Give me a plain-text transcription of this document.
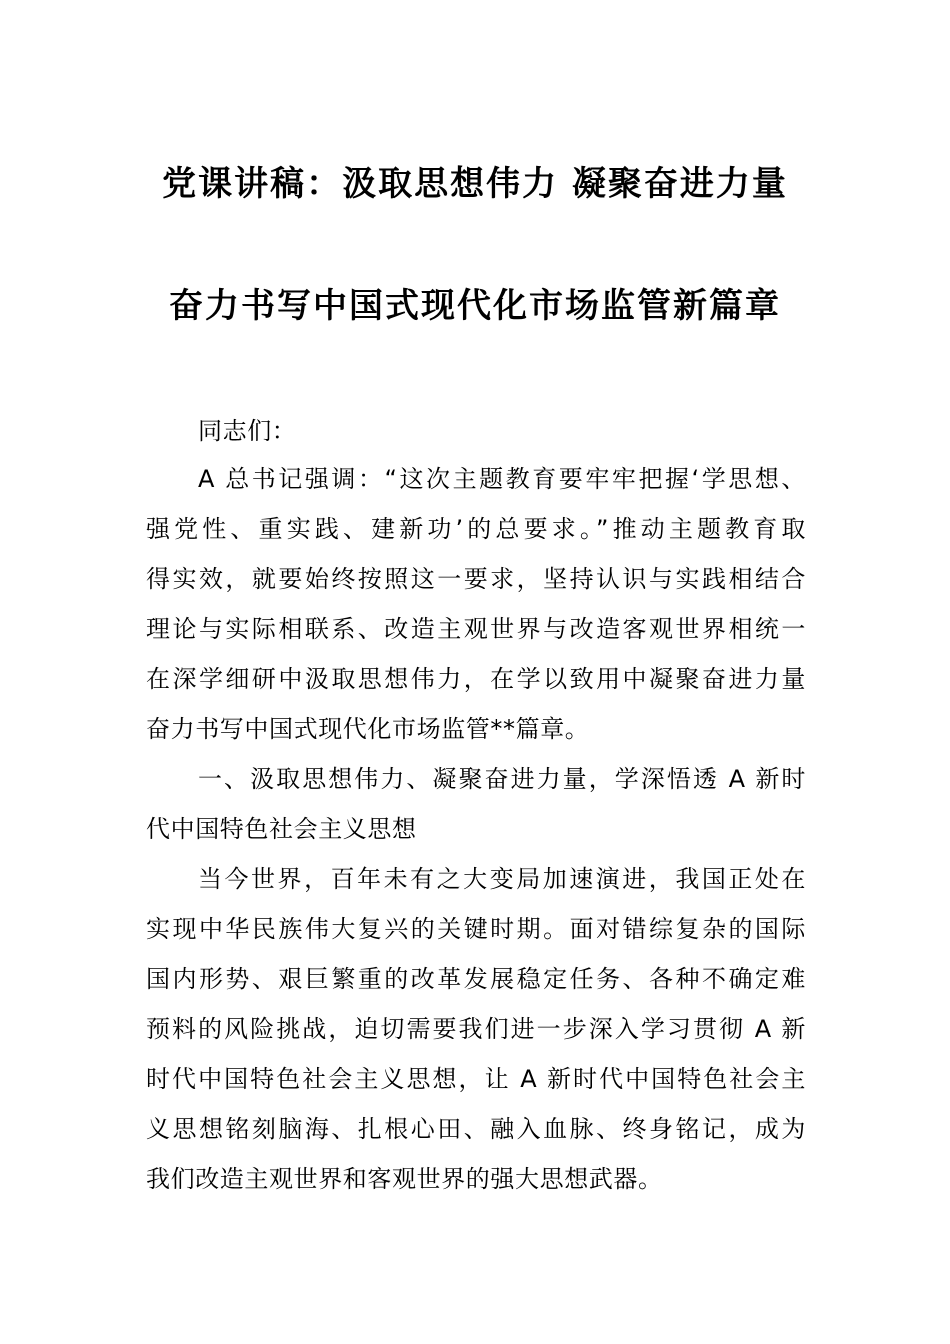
党课讲稿：汲取思想伟力 凝聚奋进力量
奋力书写中国式现代化市场监管新篇章
同志们：
A 总书记强调：“这次主题教育要牢牢把握‘学思想、
强党性、重实践、建新功’的总要求。”推动主题教育取
得实效，就要始终按照这一要求，坚持认识与实践相结合
理论与实际相联系、改造主观世界与改造客观世界相统一
在深学细研中汲取思想伟力，在学以致用中凝聚奋进力量
奋力书写中国式现代化市场监管**篇章。
一、汲取思想伟力、凝聚奋进力量，学深悟透 A 新时
代中国特色社会主义思想
当今世界，百年未有之大变局加速演进，我国正处在
实现中华民族伟大复兴的关键时期。面对错综复杂的国际
国内形势、艰巨繁重的改革发展稳定任务、各种不确定难
预料的风险挑战，迫切需要我们进一步深入学习贯彻 A 新
时代中国特色社会主义思想，让 A 新时代中国特色社会主
义思想铭刻脑海、扎根心田、融入血脉、终身铭记，成为
我们改造主观世界和客观世界的强大思想武器。
